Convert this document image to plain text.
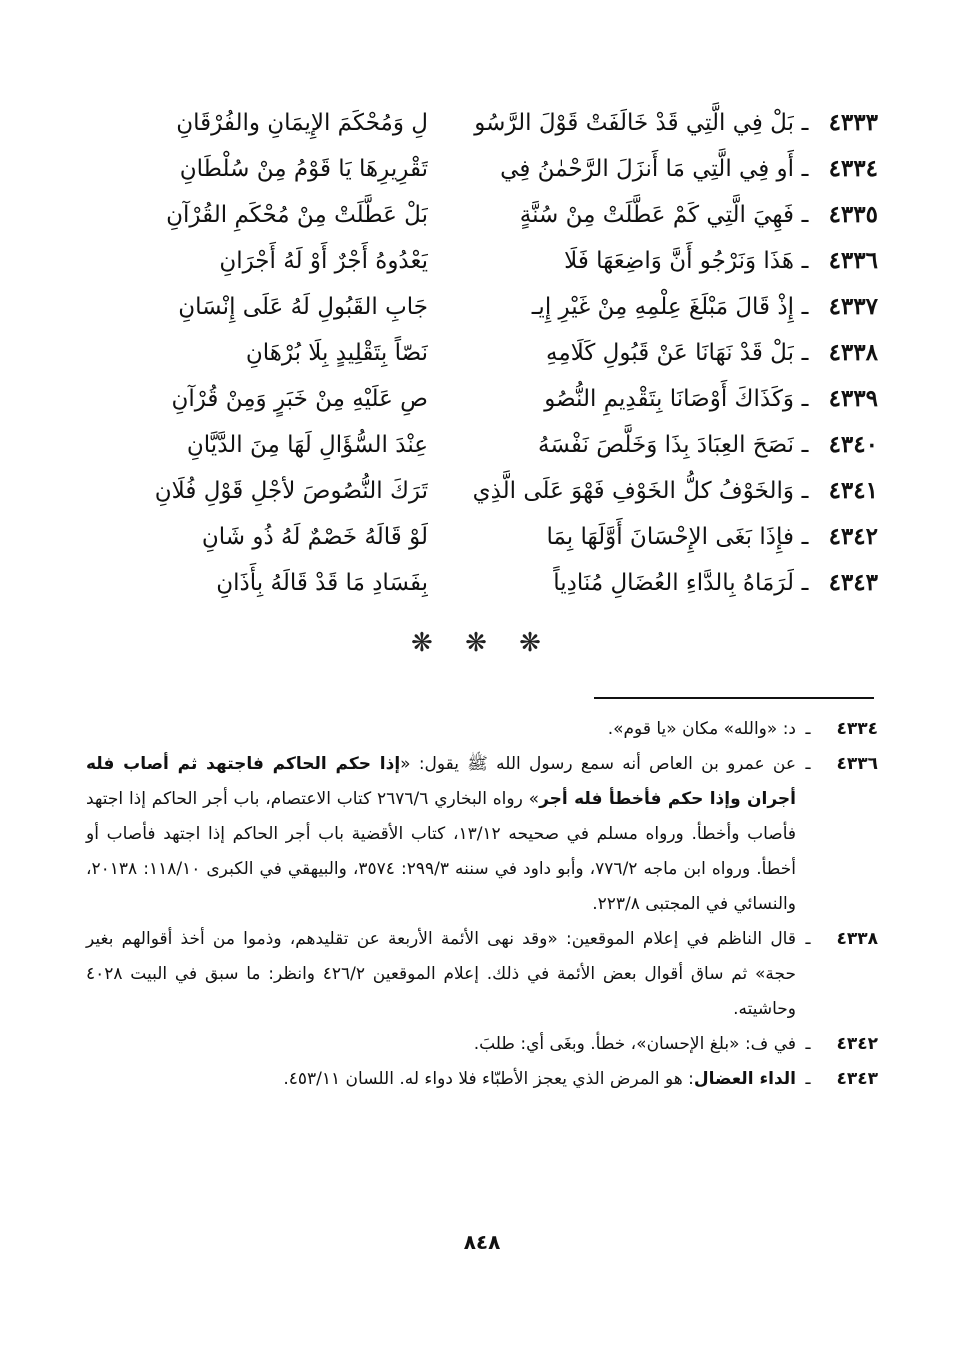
٤٣٣٣
ـ
بَلْ فِي الَّتِي قَدْ خَالَفَتْ قَوْلَ الرَّسُو
لِ وَمُحْكَمَ الإِيمَانِ والفُرْقَانِ
٤٣٣٤
ـ
أَو فِي الَّتِي مَا أَنزَلَ الرَّحْمٰنُ فِي
تَقْرِيرِهَا يَا قَوْمُ مِنْ سُلْطَانِ
٤٣٣٥
ـ
فَهِيَ الَّتِي كَمْ عَطَّلَتْ مِنْ سُنَّةٍ
بَلْ عَطَّلَتْ مِنْ مُحْكَمِ القُرْآنِ
٤٣٣٦
ـ
هَذَا وَنَرْجُو أَنَّ وَاضِعَهَا فَلَا
يَعْدُوهُ أَجْرٌ أَوْ لَهُ أَجْرَانِ
٤٣٣٧
ـ
إِذْ قَالَ مَبْلَغَ عِلْمِهِ مِنْ غَيْرِ إِيـ
جَابِ القَبُولِ لَهُ عَلَى إِنْسَانِ
٤٣٣٨
ـ
بَلْ قَدْ نَهَانَا عَنْ قَبُولِ كَلَامِهِ
نَصّاً بِتَقْلِيدٍ بِلَا بُرْهَانِ
٤٣٣٩
ـ
وَكَذَاكَ أَوْصَانَا بِتَقْدِيمِ النُّصُو
صِ عَلَيْهِ مِنْ خَبَرٍ وَمِنْ قُرْآنِ
٤٣٤٠
ـ
نَصَحَ العِبَادَ بِذَا وَخَلَّصَ نَفْسَهُ
عِنْدَ السُّؤَالِ لَهَا مِنَ الدَّيَّانِ
٤٣٤١
ـ
وَالخَوْفُ كلُّ الخَوْفِ فَهْوَ عَلَى الَّذِي
تَرَكَ النُّصُوصَ لأجْلِ قَوْلِ فُلَانِ
٤٣٤٢
ـ
فإِذَا بَغَى الإِحْسَانَ أَوَّلَهَا بِمَا
لَوْ قَالَهُ خَصْمٌ لَهُ ذُو شَانِ
٤٣٤٣
ـ
لَرَمَاهُ بِالدَّاءِ العُضَالِ مُنَادِياً
بِفَسَادِ مَا قَدْ قَالَهُ بِأَذَانِ
❋ ❋ ❋
٤٣٣٤
ـ
د: «والله» مكان «يا قوم».
٤٣٣٦
ـ
عن عمرو بن العاص أنه سمع رسول الله ﷺ يقول: «إذا حكم الحاكم فاجتهد ثم أصاب فله أجران وإذا حكم فأخطأ فله أجر» رواه البخاري ٢٦٧٦/٦ كتاب الاعتصام، باب أجر الحاكم إذا اجتهد فأصاب وأخطأ. ورواه مسلم في صحيحه ١٣/١٢، كتاب الأقضية باب أجر الحاكم إذا اجتهد فأصاب أو أخطأ. ورواه ابن ماجه ٧٧٦/٢، وأبو داود في سننه ٢٩٩/٣: ٣٥٧٤، والبيهقي في الكبرى ١١٨/١٠: ٢٠١٣٨، والنسائي في المجتبى ٢٢٣/٨.
٤٣٣٨
ـ
قال الناظم في إعلام الموقعين: «وقد نهى الأئمة الأربعة عن تقليدهم، وذموا من أخذ أقوالهم بغير حجة» ثم ساق أقوال بعض الأئمة في ذلك. إعلام الموقعين ٤٢٦/٢ وانظر: ما سبق في البيت ٤٠٢٨ وحاشيته.
٤٣٤٢
ـ
في ف: «بلغ الإحسان»، خطأ. وبغَى أي: طلبَ.
٤٣٤٣
ـ
الداء العضال: هو المرض الذي يعجز الأطبّاء فلا دواء له. اللسان ٤٥٣/١١.
٨٤٨
